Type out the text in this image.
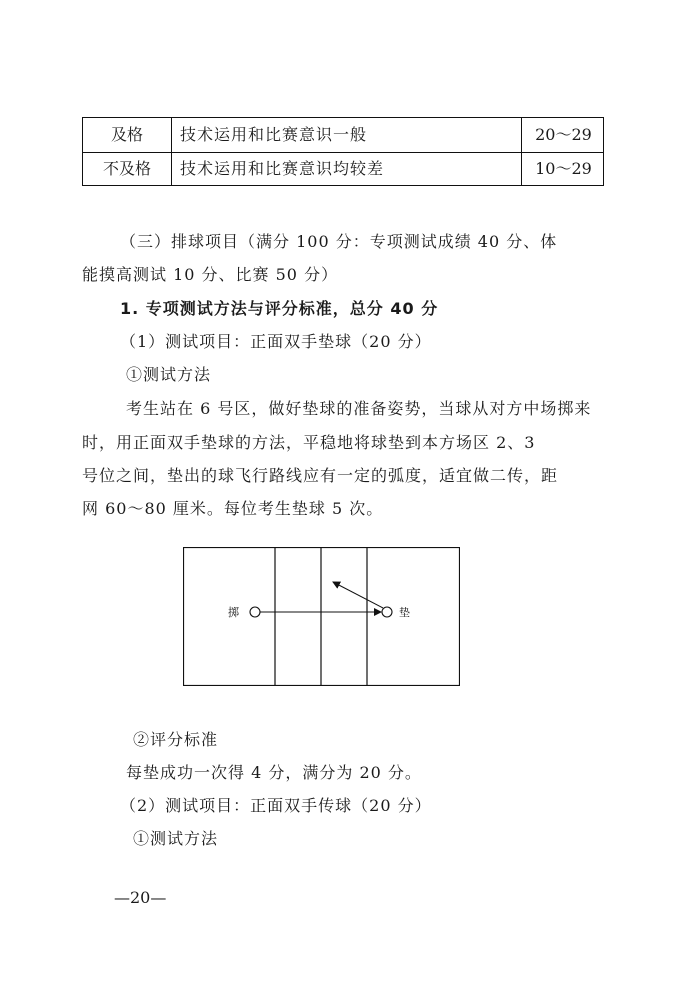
及格	技术运用和比赛意识一般	20～29
不及格	技术运用和比赛意识均较差	10～29
（三）排球项目（满分 100 分：专项测试成绩 40 分、体
能摸高测试 10 分、比赛 50 分）
1. 专项测试方法与评分标准，总分 40 分
（1）测试项目：正面双手垫球（20 分）
①测试方法
考生站在 6 号区，做好垫球的准备姿势，当球从对方中场掷来
时，用正面双手垫球的方法，平稳地将球垫到本方场区 2、3
号位之间，垫出的球飞行路线应有一定的弧度，适宜做二传，距
网 60～80 厘米。每位考生垫球 5 次。
掷	垫
②评分标准
每垫成功一次得 4 分，满分为 20 分。
（2）测试项目：正面双手传球（20 分）
①测试方法
—20—
